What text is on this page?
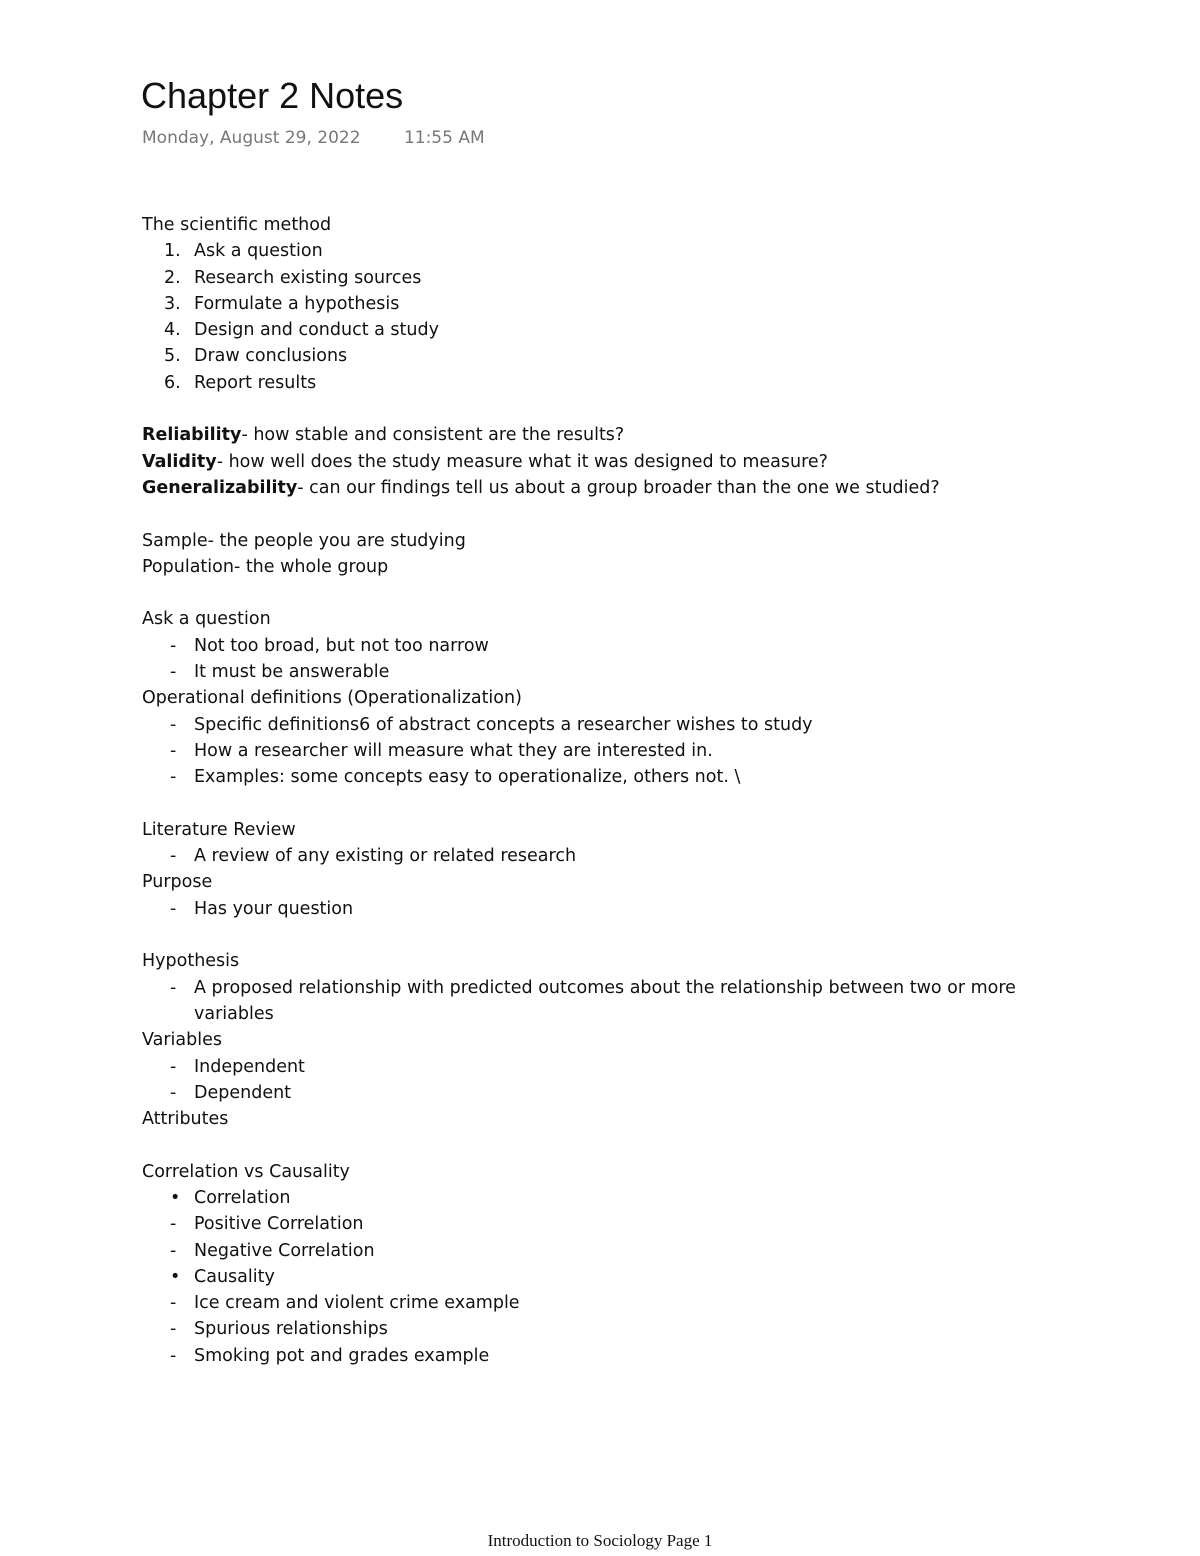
Chapter 2 Notes
Monday, August 29, 2022	11:55 AM
The scientific method
1. Ask a question
2. Research existing sources
3. Formulate a hypothesis
4. Design and conduct a study
5. Draw conclusions
6. Report results
Reliability- how stable and consistent are the results?
Validity- how well does the study measure what it was designed to measure?
Generalizability- can our findings tell us about a group broader than the one we studied?
Sample- the people you are studying
Population- the whole group
Ask a question
-	Not too broad, but not too narrow
-	It must be answerable
Operational definitions (Operationalization)
-	Specific definitions6 of abstract concepts a researcher wishes to study
-	How a researcher will measure what they are interested in.
-	Examples: some concepts easy to operationalize, others not. \
Literature Review
-	A review of any existing or related research
Purpose
-	Has your question
Hypothesis
-	A proposed relationship with predicted outcomes about the relationship between two or more
variables
Variables
-	Independent
-	Dependent
Attributes
Correlation vs Causality
• Correlation
-	Positive Correlation
-	Negative Correlation
• Causality
-	Ice cream and violent crime example
-	Spurious relationships
-	Smoking pot and grades example
Introduction to Sociology Page 1
